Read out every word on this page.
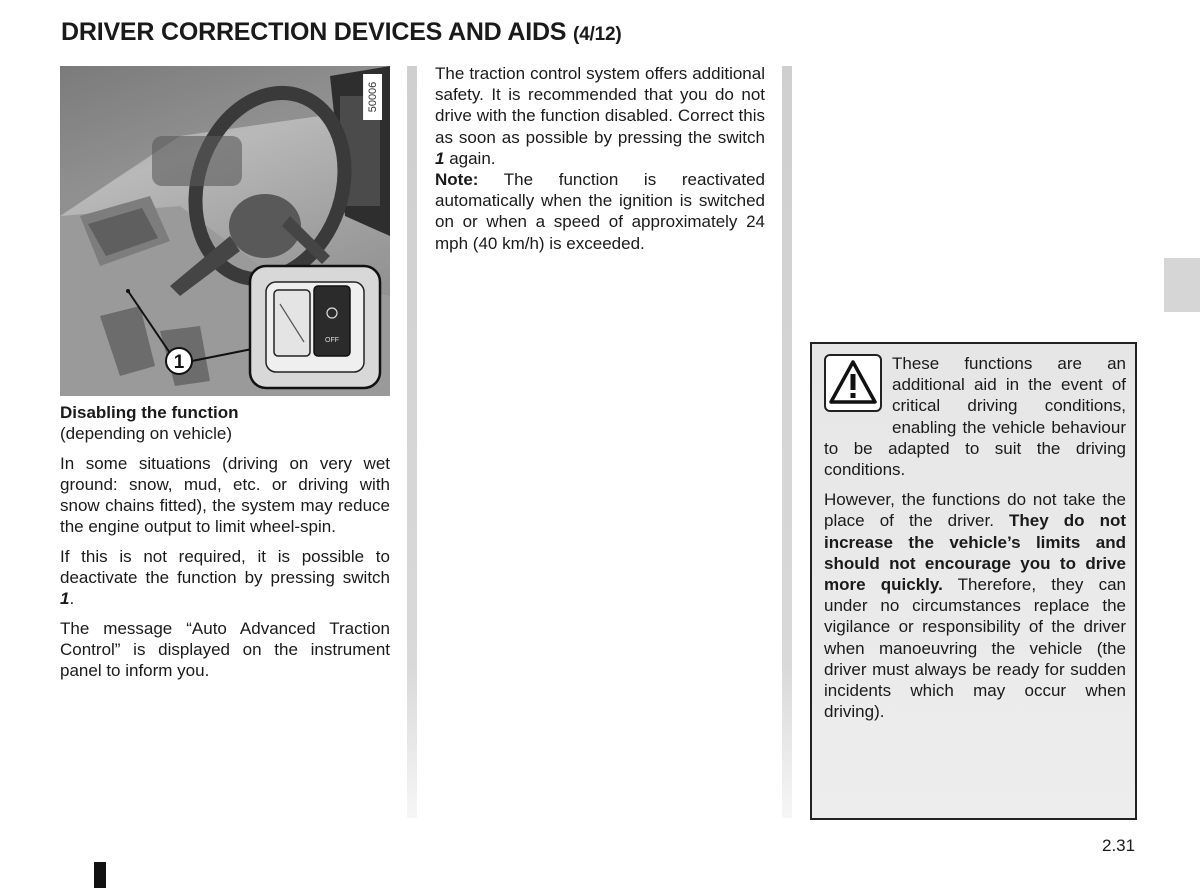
DRIVER CORRECTION DEVICES AND AIDS (4/12)
OFF
1
50006
Disabling the function

(depending on vehicle)

In some situations (driving on very wet ground: snow, mud, etc. or driving with snow chains fitted), the system may reduce the engine output to limit wheel-spin.

If this is not required, it is possible to deactivate the function by pressing switch 1.

The message “Auto Advanced Traction Control” is displayed on the instrument panel to inform you.

The traction control system offers additional safety. It is recommended that you do not drive with the function disabled. Correct this as soon as possible by pressing the switch 1 again.

Note: The function is reactivated automatically when the ignition is switched on or when a speed of approximately 24 mph (40 km/h) is exceeded.

These functions are an additional aid in the event of critical driving conditions, enabling the vehicle behaviour to be adapted to suit the driving conditions.

However, the functions do not take the place of the driver. They do not increase the vehicle’s limits and should not encourage you to drive more quickly. Therefore, they can under no circumstances replace the vigilance or responsibility of the driver when manoeuvring the vehicle (the driver must always be ready for sudden incidents which may occur when driving).

2.31
